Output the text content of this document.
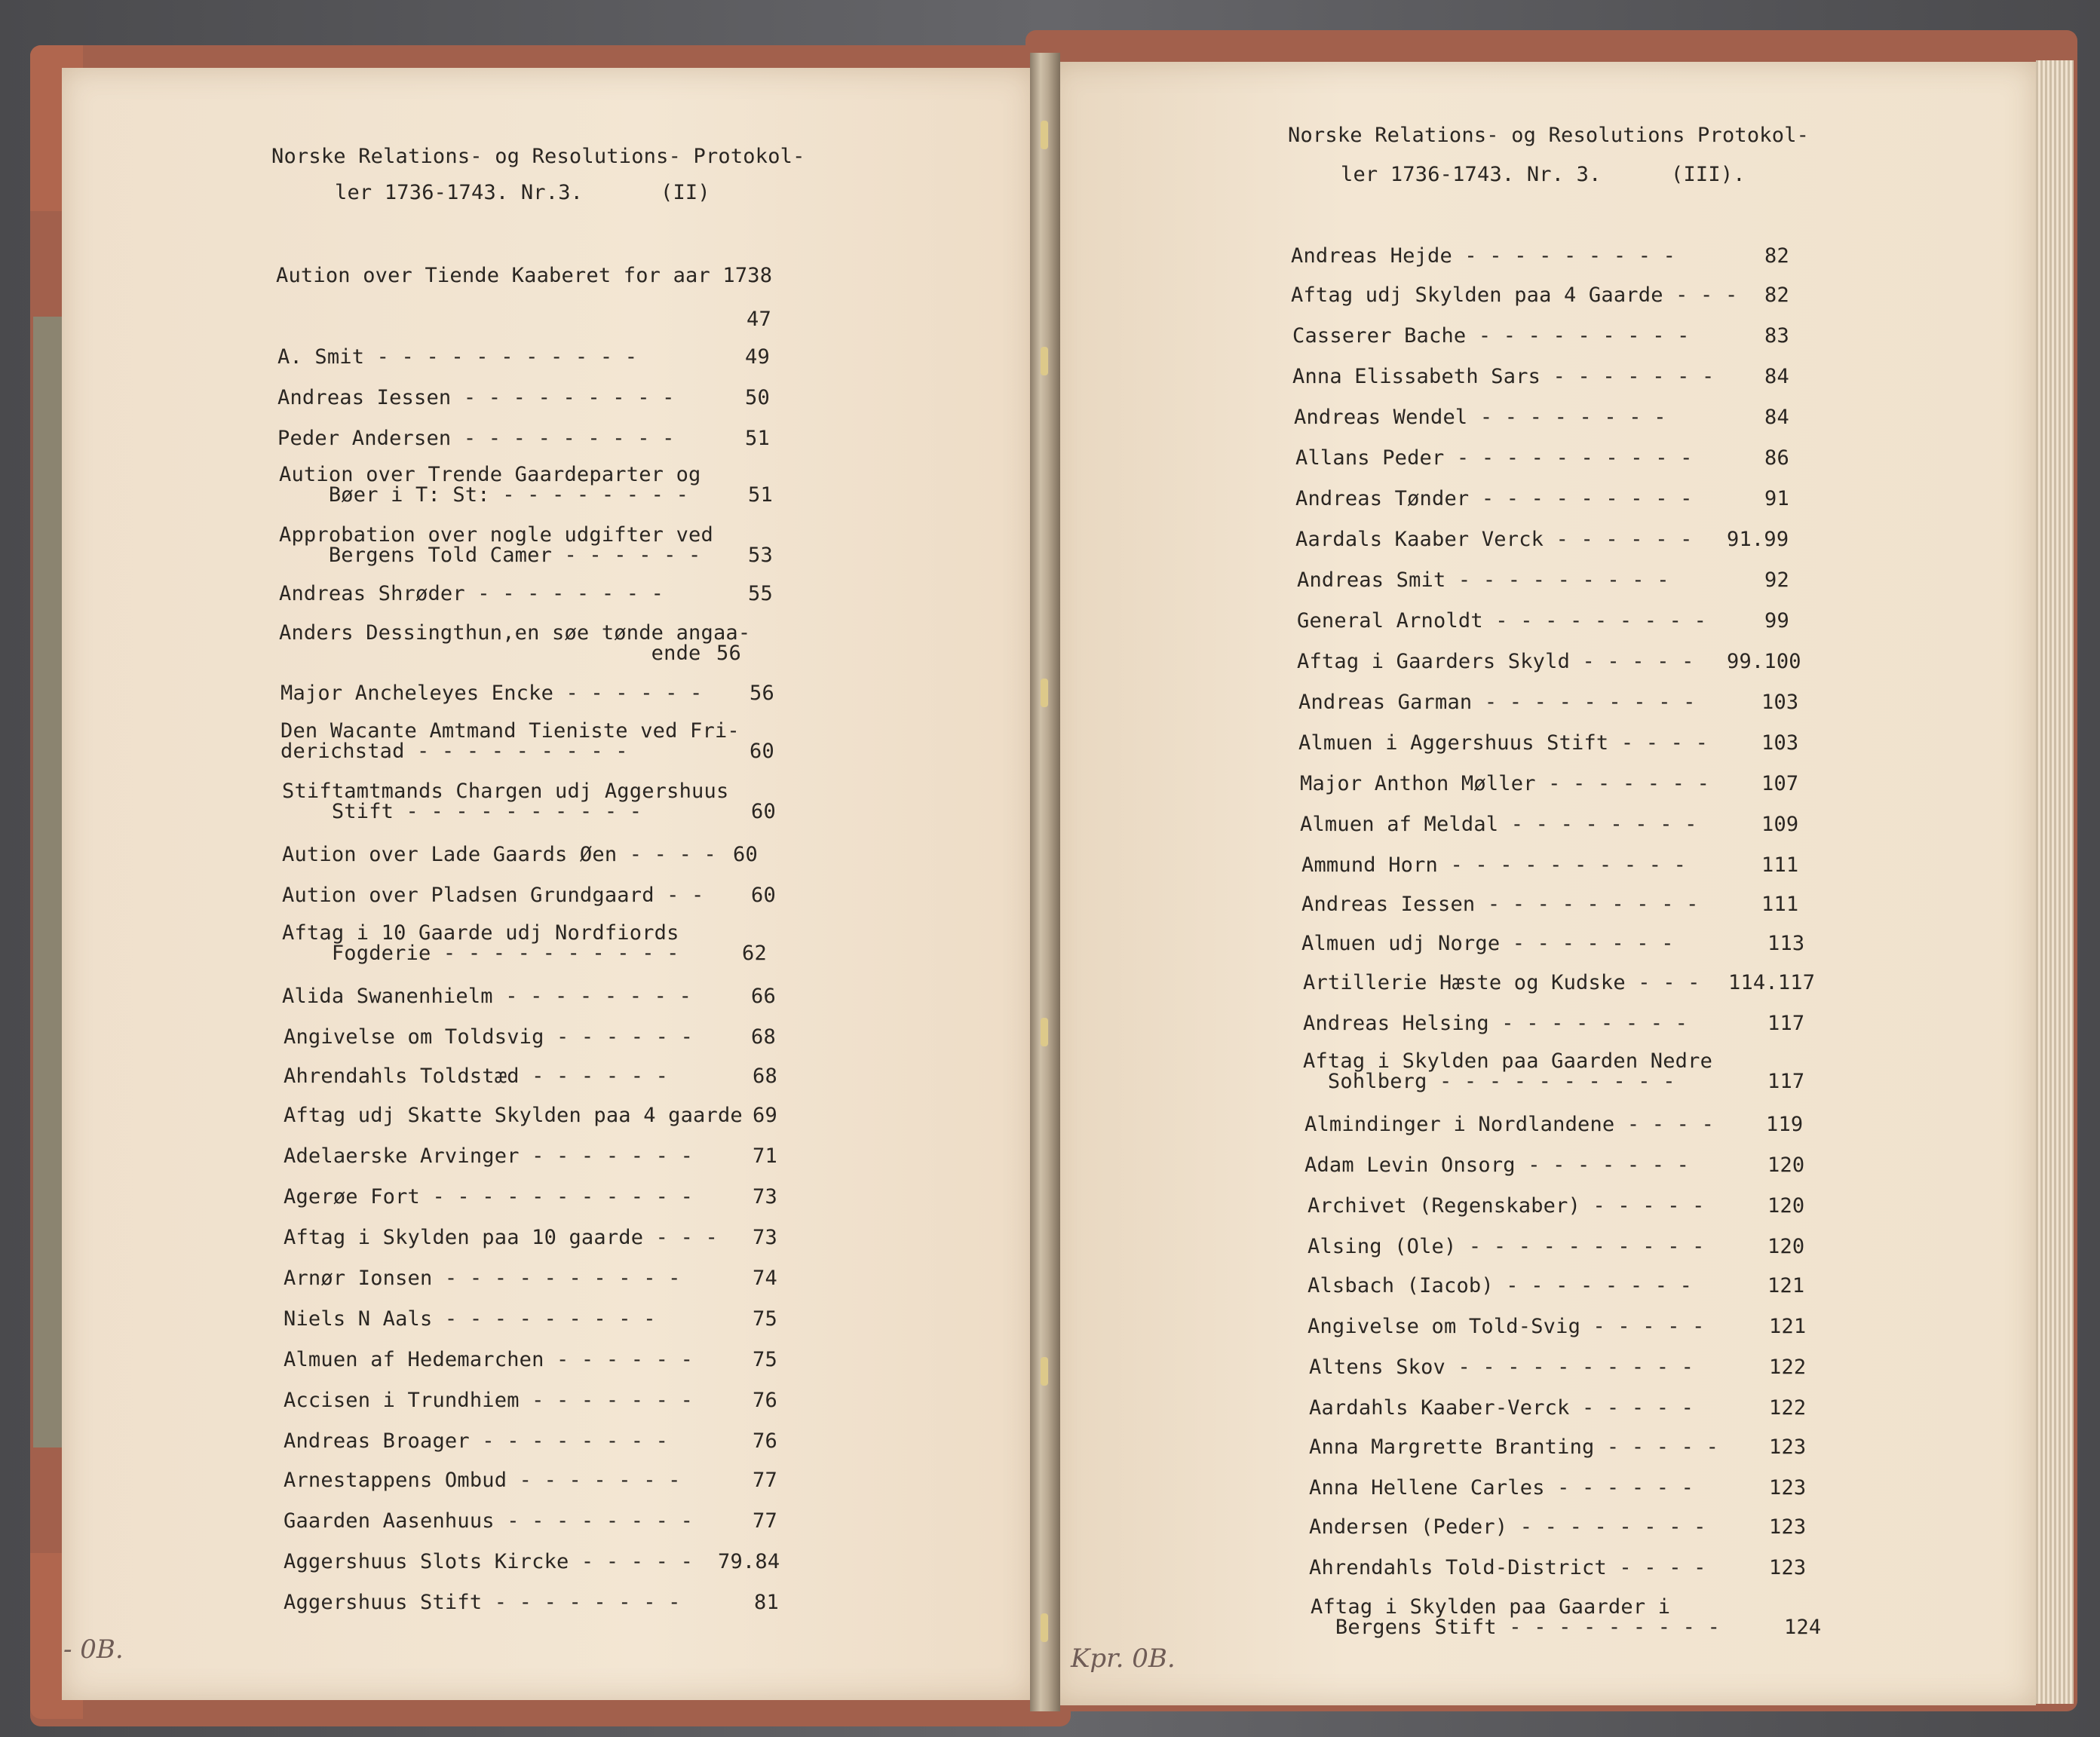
Norske Relations- og Resolutions- Protokol-
ler 1736-1743. Nr.3.	(II)
Norske Relations- og Resolutions Protokol-
ler 1736-1743. Nr. 3.	(III).
Aution over Tiende Kaaberet for aar 1738
47
A. Smit - - - - - - - - - - -	49
Andreas Iessen - - - - - - - - -	50
Peder Andersen - - - - - - - - -	51
Aution over Trende Gaardeparter og
Bøer i T: St: - - - - - - - -	51
Approbation over nogle udgifter ved
Bergens Told Camer - - - - - -	53
Andreas Shrøder - - - - - - - -	55
Anders Dessingthun,en søe tønde angaa-
ende 56
Major Ancheleyes Encke - - - - - - 56
Den Wacante Amtmand Tieniste ved Fri-
derichstad - - - - - - - - -	60
Stiftamtmands Chargen udj Aggershuus
Stift - - - - - - - - - -	60
Aution over Lade Gaards Øen - - - - 60
Aution over Pladsen Grundgaard - - 60
Aftag i 10 Gaarde udj Nordfiords
Fogderie - - - - - - - - - -	62
Alida Swanenhielm - - - - - - - -	66
Angivelse om Toldsvig - - - - - -	68
Ahrendahls Toldstæd - - - - - -	68
Aftag udj Skatte Skylden paa 4 gaarde 69
Adelaerske Arvinger - - - - - - -	71
Agerøe Fort - - - - - - - - - - -	73
Aftag i Skylden paa 10 gaarde - - - 73
Arnør Ionsen - - - - - - - - - -	74
Niels N Aals - - - - - - - - -	75
Almuen af Hedemarchen - - - - - -	75
Accisen i Trundhiem - - - - - - -	76
Andreas Broager - - - - - - - -	76
Arnestappens Ombud - - - - - - -	77
Gaarden Aasenhuus - - - - - - - -	77
Aggershuus Slots Kircke - - - - - 79.84
Aggershuus Stift - - - - - - - -	81
Andreas Hejde - - - - - - - - -	82
Aftag udj Skylden paa 4 Gaarde - - - 82
Casserer Bache - - - - - - - - -	83
Anna Elissabeth Sars - - - - - - - 84
Andreas Wendel - - - - - - - -	84
Allans Peder - - - - - - - - - -	86
Andreas Tønder - - - - - - - - -	91
Aardals Kaaber Verck - - - - - - 91.99
Andreas Smit - - - - - - - - -	92
General Arnoldt - - - - - - - - -	99
Aftag i Gaarders Skyld - - - - - 99.100
Andreas Garman - - - - - - - - -	103
Almuen i Aggershuus Stift - - - -	103
Major Anthon Møller - - - - - - -	107
Almuen af Meldal - - - - - - - -	109
Ammund Horn - - - - - - - - - -	111
Andreas Iessen - - - - - - - - -	111
Almuen udj Norge - - - - - - -	113
Artillerie Hæste og Kudske - - - 114.117
Andreas Helsing - - - - - - - -	117
Aftag i Skylden paa Gaarden Nedre
Sohlberg - - - - - - - - - -	117
Almindinger i Nordlandene - - - -	119
Adam Levin Onsorg - - - - - - -	120
Archivet (Regenskaber) - - - - -	120
Alsing (Ole) - - - - - - - - - -	120
Alsbach (Iacob) - - - - - - - -	121
Angivelse om Told-Svig - - - - -	121
Altens Skov - - - - - - - - - -	122
Aardahls Kaaber-Verck - - - - -	122
Anna Margrette Branting - - - - - 123
Anna Hellene Carles - - - - - -	123
Andersen (Peder) - - - - - - - -	123
Ahrendahls Told-District - - - -	123
Aftag i Skylden paa Gaarder i
Bergens Stift - - - - - - - - -	124
- 0B.	Kpr. 0B.
